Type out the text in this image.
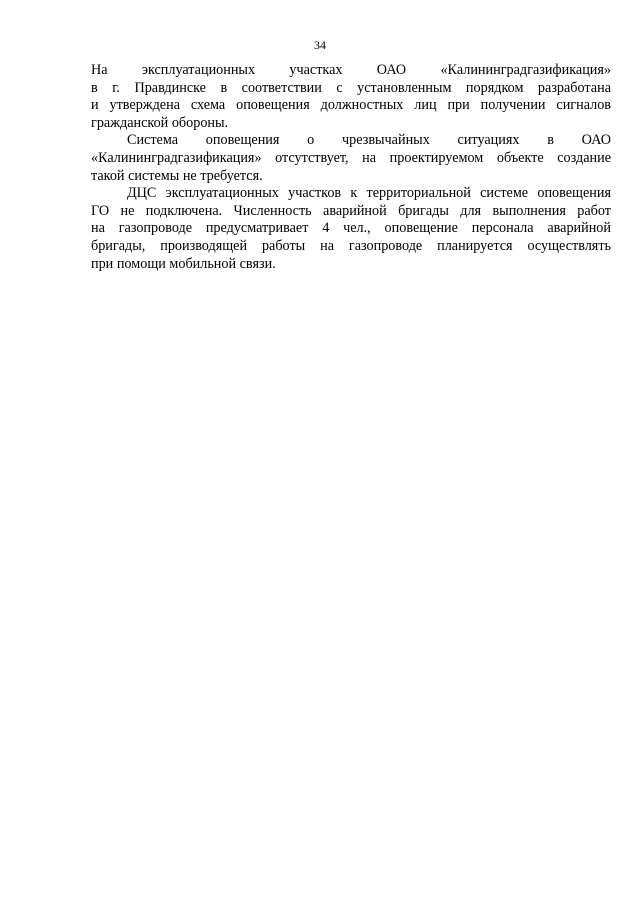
34
На эксплуатационных участках ОАО «Калининградгазификация»
в г. Правдинске в соответствии с установленным порядком разработана
и утверждена схема оповещения должностных лиц при получении сигналов
гражданской обороны.
Система оповещения о чрезвычайных ситуациях в ОАО
«Калининградгазификация» отсутствует, на проектируемом объекте создание
такой системы не требуется.
ДЦС эксплуатационных участков к территориальной системе оповещения
ГО не подключена. Численность аварийной бригады для выполнения работ
на газопроводе предусматривает 4 чел., оповещение персонала аварийной
бригады, производящей работы на газопроводе планируется осуществлять
при помощи мобильной связи.
